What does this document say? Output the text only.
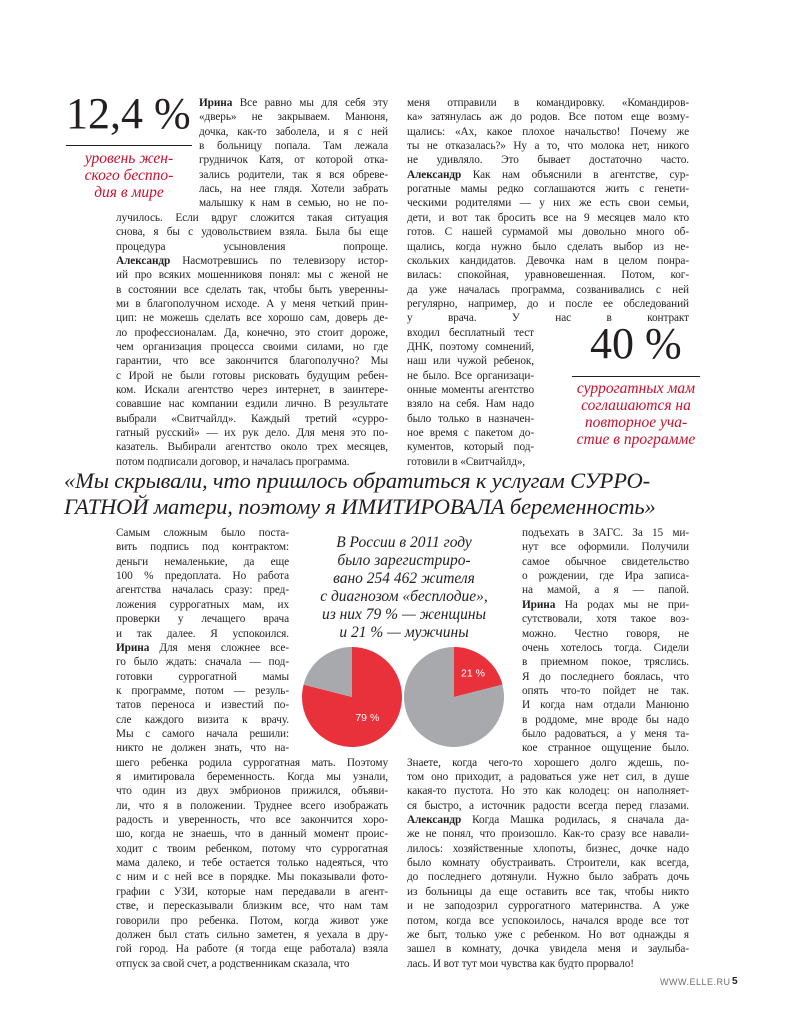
12,4 %
уровень жен-
ского бесппо-
дия в мире
40 %
суррогатных мам
соглашаются на
повторное уча-
стие в программе
Ирина Все равно мы для себя эту
«дверь» не закрываем. Манюня,
дочка, как-то заболела, и я с ней
в больницу попала. Там лежала
грудничок Катя, от которой отка-
зались родители, так я вся обреве-
лась, на нее глядя. Хотели забрать
малышку к нам в семью, но не по-
лучилось. Если вдруг сложится такая ситуация
снова, я бы с удовольствием взяла. Была бы еще
процедура усыновления попроще.
Александр Насмотревшись по телевизору истор-
ий про всяких мошенниковя понял: мы с женой не
в состоянии все сделать так, чтобы быть уверенны-
ми в благополучном исходе. А у меня четкий прин-
цип: не можешь сделать все хорошо сам, доверь де-
ло профессионалам. Да, конечно, это стоит дороже,
чем организация процесса своими силами, но где
гарантии, что все закончится благополучно? Мы
с Ирой не были готовы рисковать будущим ребен-
ком. Искали агентство через интернет, в заинтере-
совавшие нас компании ездили лично. В результате
выбрали «Свитчайлд». Каждый третий «сурро-
гатный русский» — их рук дело. Для меня это по-
казатель. Выбирали агентство около трех месяцев,
потом подписали договор, и началась программа.
меня отправили в командировку. «Командиров-
ка» затянулась аж до родов. Все потом еще возму-
щались: «Ах, какое плохое начальство! Почему же
ты не отказалась?» Ну а то, что молока нет, никого
не удивляло. Это бывает достаточно часто.
Александр Как нам объяснили в агентстве, сур-
рогатные мамы редко соглашаются жить с генети-
ческими родителями — у них же есть свои семьи,
дети, и вот так бросить все на 9 месяцев мало кто
готов. С нашей сурмамой мы довольно много об-
щались, когда нужно было сделать выбор из не-
скольких кандидатов. Девочка нам в целом понра-
вилась: спокойная, уравновешенная. Потом, ког-
да уже началась программа, созванивались с ней
регулярно, например, до и после ее обследований
у врача. У нас в контракт
входил бесплатный тест
ДНК, поэтому сомнений,
наш или чужой ребенок,
не было. Все организаци-
онные моменты агентство
взяло на себя. Нам надо
было только в назначен-
ное время с пакетом до-
кументов, который под-
готовили в «Свитчайлд»,
Самым сложным было поста-
вить подпись под контрактом:
деньги немаленькие, да еще
100 % предоплата. Но работа
агентства началась сразу: пред-
ложения суррогатных мам, их
проверки у лечащего врача
и так далее. Я успокоился.
Ирина Для меня сложнее все-
го было ждать: сначала — под-
готовки суррогатной мамы
к программе, потом — резуль-
татов переноса и известий по-
сле каждого визита к врачу.
Мы с самого начала решили:
никто не должен знать, что на-
шего ребенка родила суррогатная мать. Поэтому
я имитировала беременность. Когда мы узнали,
что один из двух эмбрионов прижился, объяви-
ли, что я в положении. Труднее всего изображать
радость и уверенность, что все закончится хоро-
шо, когда не знаешь, что в данный момент проис-
ходит с твоим ребенком, потому что суррогатная
мама далеко, и тебе остается только надеяться, что
с ним и с ней все в порядке. Мы показывали фото-
графии с УЗИ, которые нам передавали в агент-
стве, и пересказывали близким все, что нам там
говорили про ребенка. Потом, когда живот уже
должен был стать сильно заметен, я уехала в дру-
гой город. На работе (я тогда еще работала) взяла
отпуск за свой счет, а родственникам сказала, что
подъехать в ЗАГС. За 15 ми-
нут все оформили. Получили
самое обычное свидетельство
о рождении, где Ира записа-
на мамой, а я — папой.
Ирина На родах мы не при-
сутствовали, хотя такое воз-
можно. Честно говоря, не
очень хотелось тогда. Сидели
в приемном покое, тряслись.
Я до последнего боялась, что
опять что-то пойдет не так.
И когда нам отдали Манюню
в роддоме, мне вроде бы надо
было радоваться, а у меня та-
кое странное ощущение было.
Знаете, когда чего-то хорошего долго ждешь, по-
том оно приходит, а радоваться уже нет сил, в душе
какая-то пустота. Но это как колодец: он наполняет-
ся быстро, а источник радости всегда перед глазами.
Александр Когда Машка родилась, я сначала да-
же не понял, что произошло. Как-то сразу все навали-
лилось: хозяйственные хлопоты, бизнес, дочке надо
было комнату обустраивать. Строители, как всегда,
до последнего дотянули. Нужно было забрать дочь
из больницы да еще оставить все так, чтобы никто
и не заподозрил суррогатного материнства. А уже
потом, когда все успокоилось, начался вроде все тот
же быт, только уже с ребенком. Но вот однажды я
зашел в комнату, дочка увидела меня и заулыба-
лась. И вот тут мои чувства как будто прорвало!
«Мы скрывали, что пришлось обратиться к услугам СУРРО-
ГАТНОЙ матери, поэтому я ИМИТИРОВАЛА беременность»
В России в 2011 году
было зарегистриро-
вано 254 462 жителя
с диагнозом «бесплодие»,
из них 79 % — женщины
и 21 % — мужчины
79 %
21 %
WWW.ELLE.RU 5
